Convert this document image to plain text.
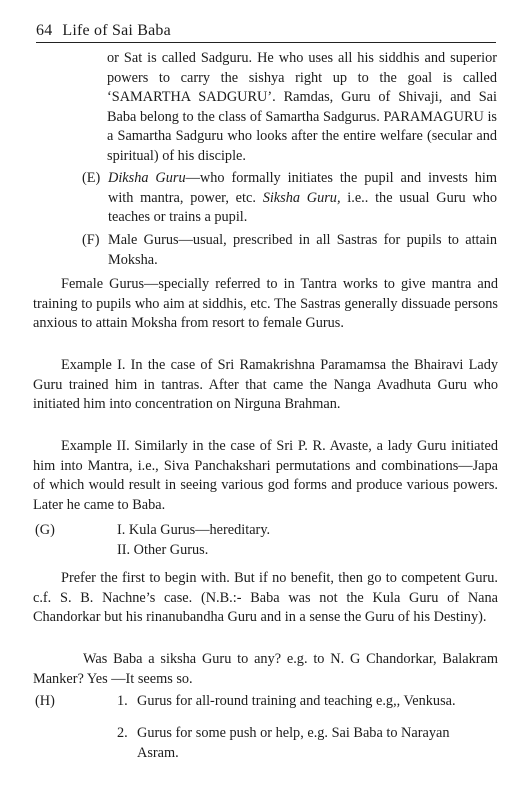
64 Life of Sai Baba

or Sat is called Sadguru. He who uses all his siddhis and superior powers to carry the sishya right up to the goal is called ‘SAMARTHA SADGURU’. Ramdas, Guru of Shivaji, and Sai Baba belong to the class of Samartha Sadgurus. PARAMAGURU is a Samartha Sadguru who looks after the entire welfare (secular and spiritual) of his disciple.

(E) Diksha Guru—who formally initiates the pupil and invests him with mantra, power, etc. Siksha Guru, i.e.. the usual Guru who teaches or trains a pupil.

(F) Male Gurus—usual, prescribed in all Sastras for pupils to attain Moksha.

Female Gurus—specially referred to in Tantra works to give mantra and training to pupils who aim at siddhis, etc. The Sastras generally dissuade persons anxious to attain Moksha from resort to female Gurus.

Example I. In the case of Sri Ramakrishna Paramamsa the Bhairavi Lady Guru trained him in tantras. After that came the Nanga Avadhuta Guru who initiated him into concentration on Nirguna Brahman.

Example II. Similarly in the case of Sri P. R. Avaste, a lady Guru initiated him into Mantra, i.e., Siva Panchakshari permutations and combinations—Japa of which would result in seeing various god forms and produce various powers. Later he came to Baba.

(G)	I. Kula Gurus—hereditary.
II. Other Gurus.

Prefer the first to begin with. But if no benefit, then go to competent Guru. c.f. S. B. Nachne’s case. (N.B.:- Baba was not the Kula Guru of Nana Chandorkar but his rinanubandha Guru and in a sense the Guru of his Destiny).

Was Baba a siksha Guru to any? e.g. to N. G Chandorkar, Balakram Manker? Yes —It seems so.

(H)	1. Gurus for all-round training and teaching e.g,, Venkusa.
2. Gurus for some push or help, e.g. Sai Baba to Narayan
Asram.
